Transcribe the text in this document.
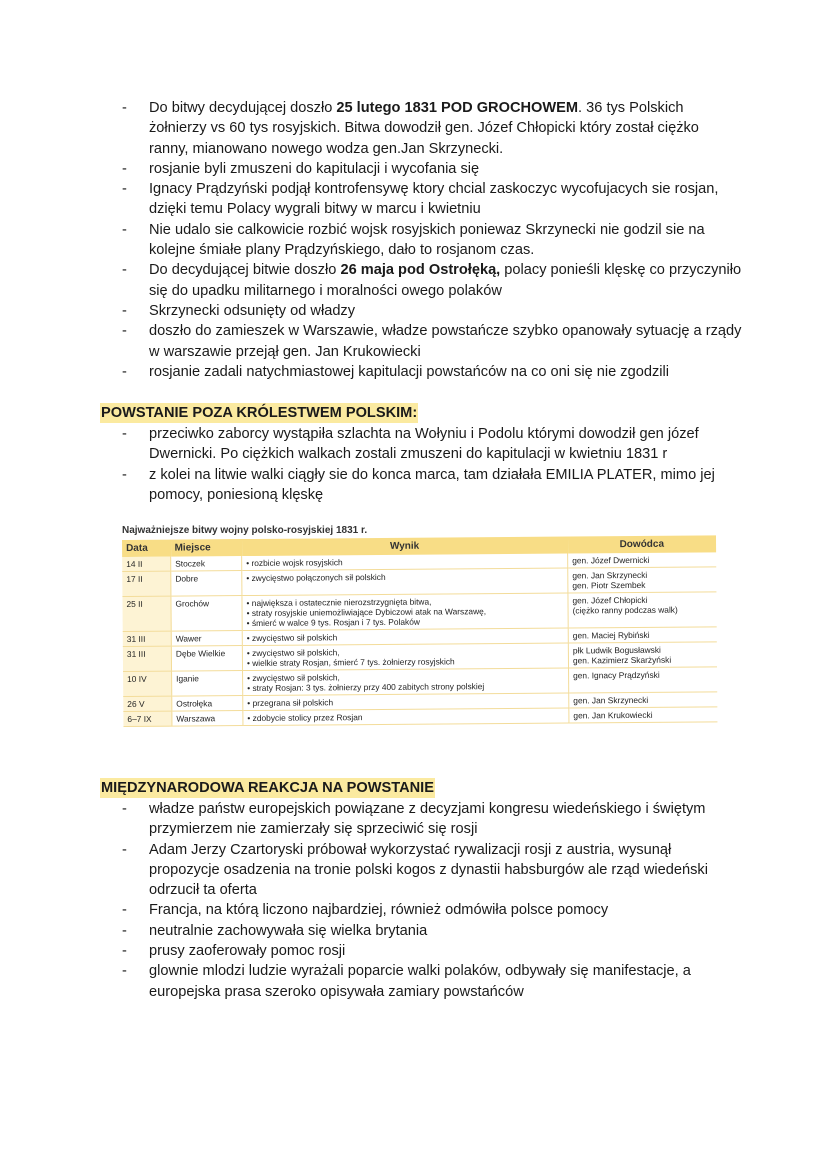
- Do bitwy decydującej doszło 25 lutego 1831 POD GROCHOWEM. 36 tys Polskich żołnierzy vs 60 tys rosyjskich. Bitwa dowodził gen. Józef Chłopicki który został ciężko ranny, mianowano nowego wodza gen.Jan Skrzynecki.
- rosjanie byli zmuszeni do kapitulacji i wycofania się
- Ignacy Prądzyński podjął kontrofensywę ktory chcial zaskoczyc wycofujacych sie rosjan, dzięki temu Polacy wygrali bitwy w marcu i kwietniu
- Nie udalo sie calkowicie rozbić wojsk rosyjskich poniewaz Skrzynecki nie godzil sie na kolejne śmiałe plany Prądzyńskiego, dało to rosjanom czas.
- Do decydującej bitwie doszło 26 maja pod Ostrołęką, polacy ponieśli klęskę co przyczyniło się do upadku militarnego i moralności owego polaków
- Skrzynecki odsunięty od władzy
- doszło do zamieszek w Warszawie, władze powstańcze szybko opanowały sytuację a rządy w warszawie przejął gen. Jan Krukowiecki
- rosjanie zadali natychmiastowej kapitulacji powstańców na co oni się nie zgodzili
POWSTANIE POZA KRÓLESTWEM POLSKIM:
- przeciwko zaborcy wystąpiła szlachta na Wołyniu i Podolu którymi dowodził gen józef Dwernicki. Po ciężkich walkach zostali zmuszeni do kapitulacji w kwietniu 1831 r
- z kolei na litwie walki ciągły sie do konca marca, tam działała EMILIA PLATER, mimo jej pomocy, poniesioną klęskę
Najważniejsze bitwy wojny polsko-rosyjskiej 1831 r.
Data	Miejsce	Wynik	Dowódca
14 II	Stoczek	• rozbicie wojsk rosyjskich	gen. Józef Dwernicki

17 II	Dobre	• zwycięstwo połączonych sił polskich	gen. Jan Skrzynecki
gen. Piotr Szembek

25 II	Grochów	• największa i ostatecznie nierozstrzygnięta bitwa,
• straty rosyjskie uniemożliwiające Dybiczowi atak na Warszawę,
• śmierć w walce 9 tys. Rosjan i 7 tys. Polaków	gen. Józef Chłopicki
(ciężko ranny podczas walk)

31 III	Wawer	• zwycięstwo sił polskich	gen. Maciej Rybiński

31 III	Dębe Wielkie	• zwycięstwo sił polskich,
• wielkie straty Rosjan, śmierć 7 tys. żołnierzy rosyjskich	płk Ludwik Bogusławski
gen. Kazimierz Skarżyński

10 IV	Iganie	• zwycięstwo sił polskich,
• straty Rosjan: 3 tys. żołnierzy przy 400 zabitych strony polskiej	gen. Ignacy Prądzyński

26 V	Ostrołęka	• przegrana sił polskich	gen. Jan Skrzynecki

6–7 IX	Warszawa	• zdobycie stolicy przez Rosjan	gen. Jan Krukowiecki
MIĘDZYNARODOWA REAKCJA NA POWSTANIE
- władze państw europejskich powiązane z decyzjami kongresu wiedeńskiego i świętym przymierzem nie zamierzały się sprzeciwić się rosji
- Adam Jerzy Czartoryski próbował wykorzystać rywalizacji rosji z austria, wysunął propozycje osadzenia na tronie polski kogos z dynastii habsburgów ale rząd wiedeński odrzucił ta oferta
- Francja, na którą liczono najbardziej, również odmówiła polsce pomocy
- neutralnie zachowywała się wielka brytania
- prusy zaoferowały pomoc rosji
- glownie mlodzi ludzie wyrażali poparcie walki polaków, odbywały się manifestacje, a europejska prasa szeroko opisywała zamiary powstańców
